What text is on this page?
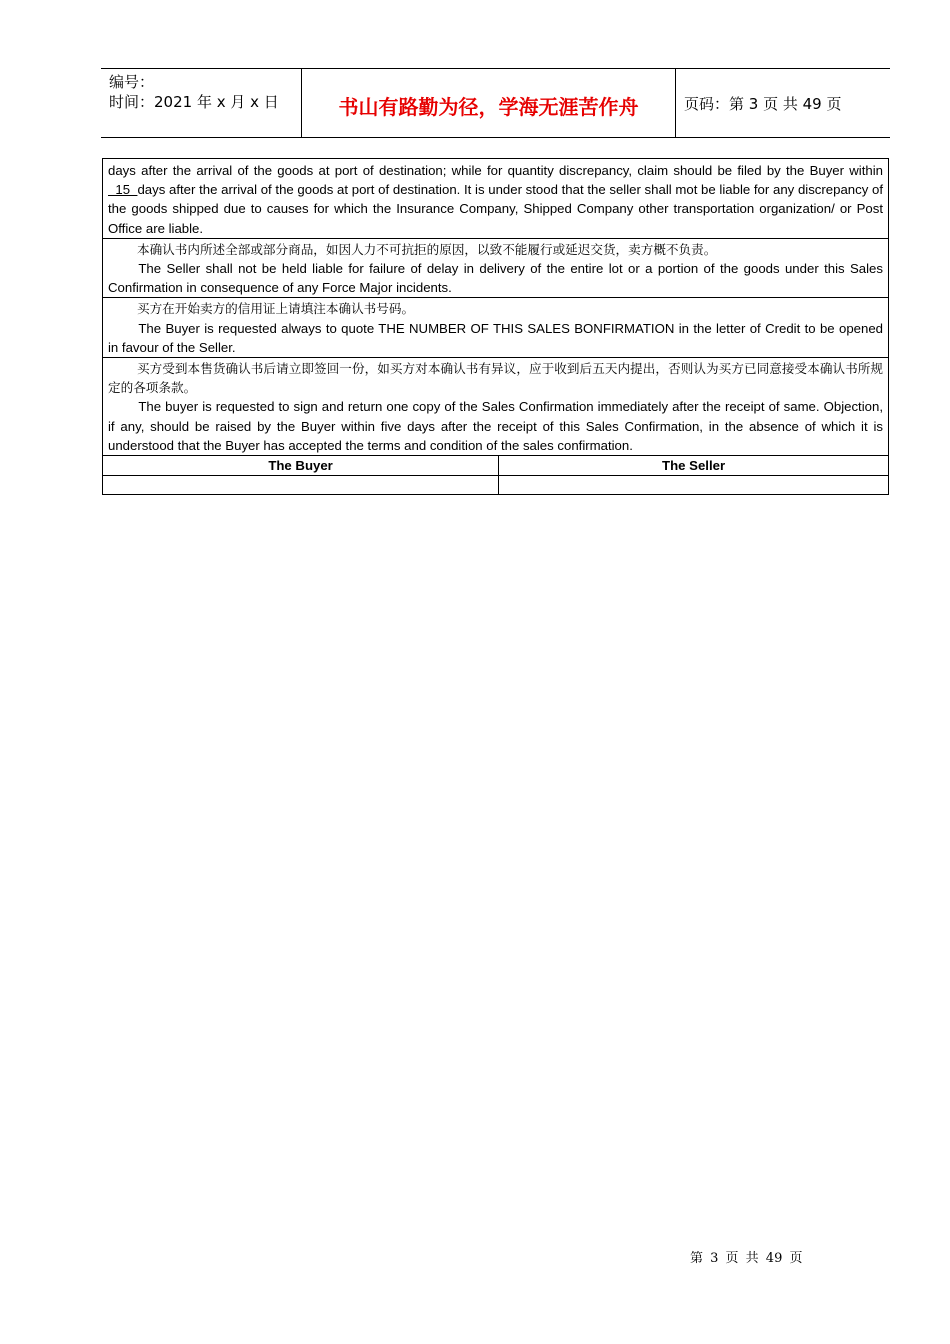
编号：
时间：2021 年 x 月 x 日	书山有路勤为径，学海无涯苦作舟	页码：第 3 页 共 49 页
days after the arrival of the goods at port of destination; while for quantity discrepancy, claim should be filed by the Buyer within  15  days after the arrival of the goods at port of destination. It is under stood that the seller shall mot be liable for any discrepancy of the goods shipped due to causes for which the Insurance Company, Shipped Company other transportation organization/ or Post Office are liable.	

本确认书内所述全部或部分商品，如因人力不可抗拒的原因，以致不能履行或延迟交货，卖方概不负责。
The Seller shall not be held liable for failure of delay in delivery of the entire lot or a portion of the goods under this Sales Confirmation in consequence of any Force Major incidents.	

买方在开始卖方的信用证上请填注本确认书号码。
The Buyer is requested always to quote THE NUMBER OF THIS SALES BONFIRMATION in the letter of Credit to be opened in favour of the Seller.	

买方受到本售货确认书后请立即签回一份，如买方对本确认书有异议，应于收到后五天内提出，否则认为买方已同意接受本确认书所规定的各项条款。
The buyer is requested to sign and return one copy of the Sales Confirmation immediately after the receipt of same. Objection, if any, should be raised by the Buyer within five days after the receipt of this Sales Confirmation, in the absence of which it is understood that the Buyer has accepted the terms and condition of the sales confirmation.	

The Buyer	The Seller

第 3 页 共 49 页
